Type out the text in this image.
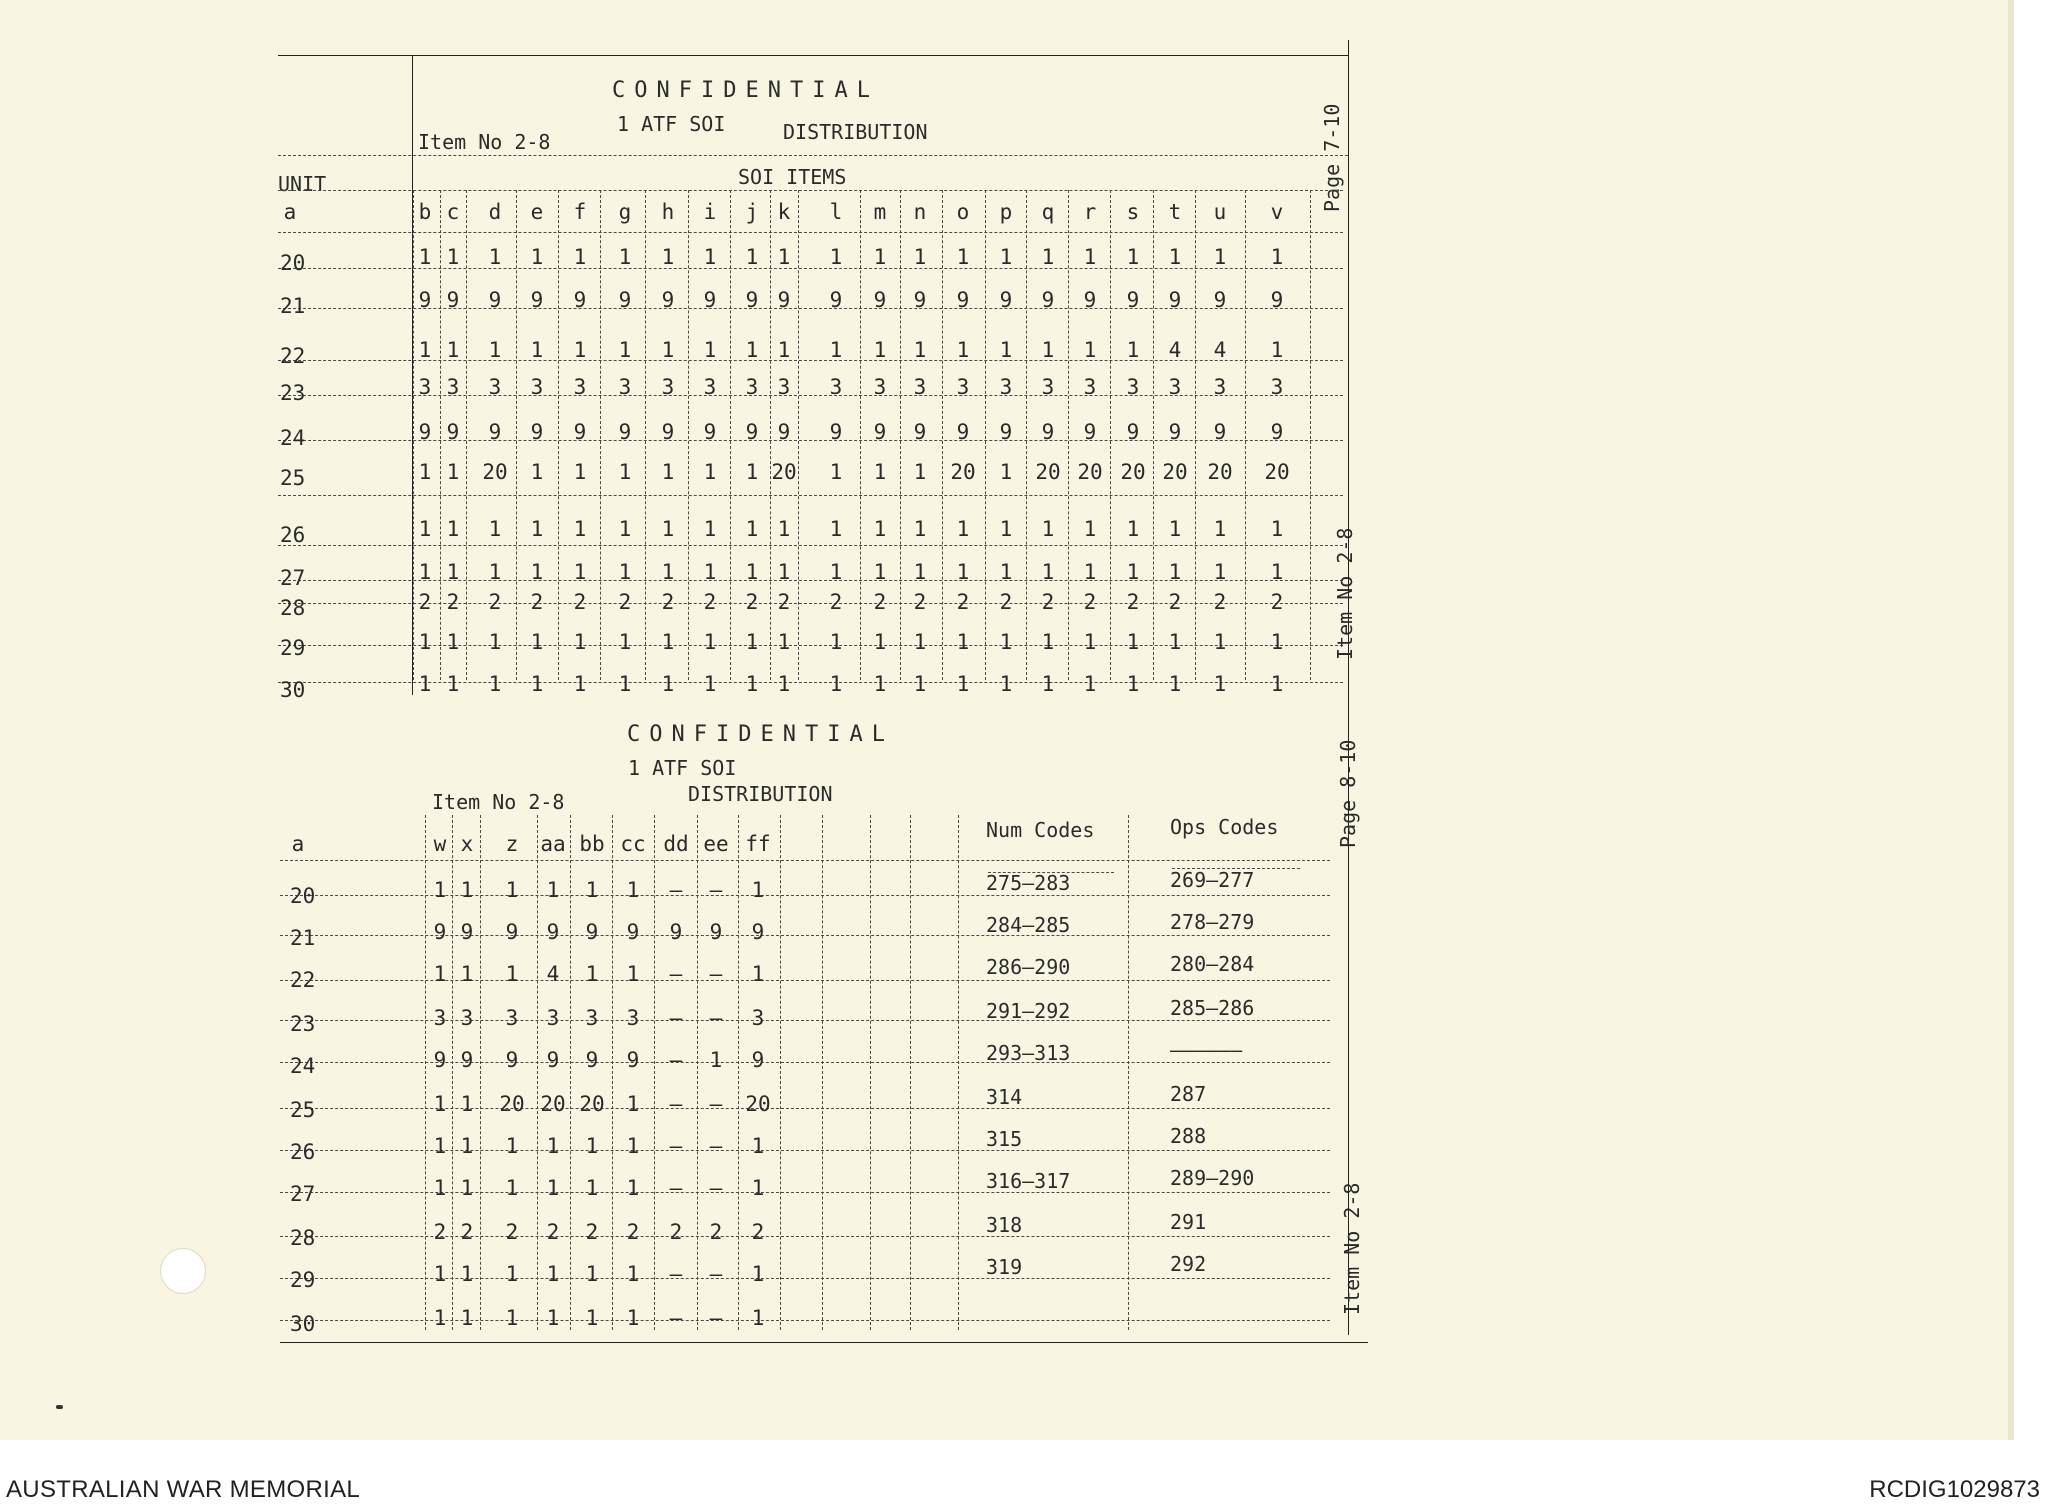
CONFIDENTIAL
1 ATF SOI
Item No 2-8	DISTRIBUTION
SOI ITEMS
UNIT	Page 7-10
Item No 2-8
a	b c	d	e	f	g	h	i	j k	l	m	n	o	p	q	r	s	t	u	v
20	1 1	1	1	1	1	1	1	1 1	1	1	1	1	1	1	1	1	1	1	1
21	9 9	9	9	9	9	9	9	9 9	9	9	9	9	9	9	9	9	9	9	9
22	1 1	1	1	1	1	1	1	1 1	1	1	1	1	1	1	1	1	4	4	1
23	3 3	3	3	3	3	3	3	3 3	3	3	3	3	3	3	3	3	3	3	3
24	9 9	9	9	9	9	9	9	9 9	9	9	9	9	9	9	9	9	9	9	9
25	1 1	20	1	1	1	1	1	1 20	1	1	1	20	1	20 20 20 20 20 20
26	1 1	1	1	1	1	1	1	1 1	1	1	1	1	1	1	1	1	1	1	1
27	1 1	1	1	1	1	1	1	1 1	1	1	1	1	1	1	1	1	1	1	1
28	2 2	2	2	2	2	2	2	2 2	2	2	2	2	2	2	2	2	2	2	2
29	1 1	1	1	1	1	1	1	1 1	1	1	1	1	1	1	1	1	1	1	1
30	1 1	1	1	1	1	1	1	1 1	1	1	1	1	1	1	1	1	1	1	1
CONFIDENTIAL
1 ATF SOI
Item No 2-8	DISTRIBUTION	Page 8-10
Item No 2-8
Num Codes	Ops Codes
a	w x	z	aa bb cc dd ee ff
20	1 1	1	1	1	1	–	–	1	275–283	269–277
21	9 9	9	9	9	9	9	9	9	284–285	278–279
22	1 1	1	4	1	1	–	–	1	286–290	280–284
23	3 3	3	3	3	3	–	–	3	291–292	285–286
24	9 9	9	9	9	9	–	1	9	293–313	––––––
25	1 1	20 20 20	1	–	–	20	314	287
26	1 1	1	1	1	1	–	–	1	315	288
27	1 1	1	1	1	1	–	–	1	316–317	289–290
28	2 2	2	2	2	2	2	2	2	318	291
29	1 1	1	1	1	1	–	–	1	319	292
30	1 1	1	1	1	1	–	–	1
AUSTRALIAN WAR MEMORIAL	RCDIG1029873
